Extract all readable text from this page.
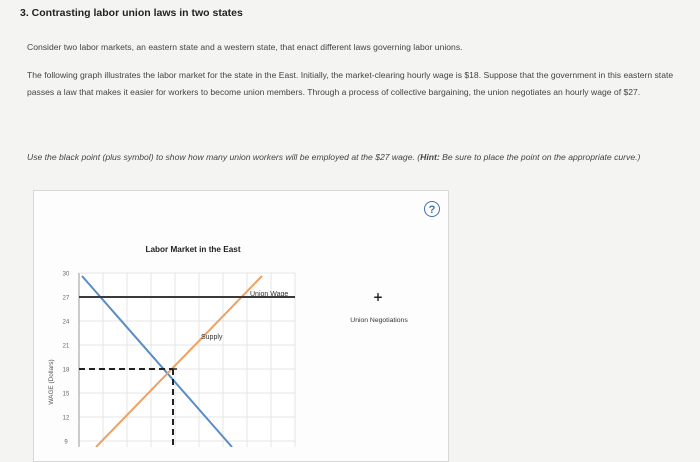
3. Contrasting labor union laws in two states
Consider two labor markets, an eastern state and a western state, that enact different laws governing labor unions.
The following graph illustrates the labor market for the state in the East. Initially, the market-clearing hourly wage is $18. Suppose that the government in this eastern state passes a law that makes it easier for workers to become union members. Through a process of collective bargaining, the union negotiates an hourly wage of $27.
Use the black point (plus symbol) to show how many union workers will be employed at the $27 wage. (Hint: Be sure to place the point on the appropriate curve.)
?
Labor Market in the East
30
27
24
21
18
15
12
9
WAGE (Dollars)
Union Wage
Supply
+
Union Negotiations
